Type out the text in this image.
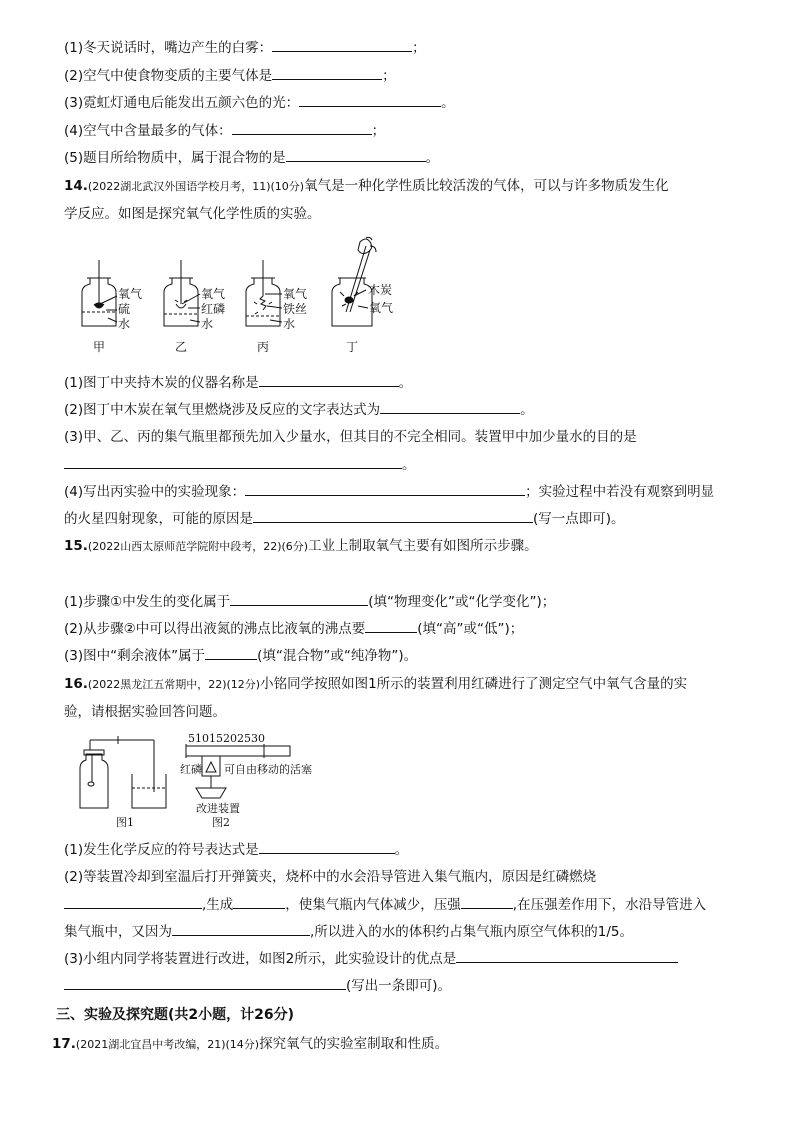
(1)冬天说话时，嘴边产生的白雾：	；
(2)空气中使食物变质的主要气体是	；
(3)霓虹灯通电后能发出五颜六色的光：	。
(4)空气中含量最多的气体：	；
(5)题目所给物质中，属于混合物的是	。
14.(2022湖北武汉外国语学校月考，11)(10分)氧气是一种化学性质比较活泼的气体，可以与许多物质发生化
学反应。如图是探究氧气化学性质的实验。
氧气
硫
水
氧气
红磷
水
氧气
铁丝
水
木炭
氧气
甲	乙	丙	丁
(1)图丁中夹持木炭的仪器名称是	。
(2)图丁中木炭在氧气里燃烧涉及反应的文字表达式为	。
(3)甲、乙、丙的集气瓶里都预先加入少量水，但其目的不完全相同。装置甲中加少量水的目的是
。
(4)写出丙实验中的实验现象：	；实验过程中若没有观察到明显
的火星四射现象，可能的原因是	(写一点即可)。
15.(2022山西太原师范学院附中段考，22)(6分)工业上制取氧气主要有如图所示步骤。
(1)步骤①中发生的变化属于	(填“物理变化”或“化学变化”)；
(2)从步骤②中可以得出液氮的沸点比液氧的沸点要	(填“高”或“低”)；
(3)图中“剩余液体”属于	(填“混合物”或“纯净物”)。
16.(2022黑龙江五常期中，22)(12分)小铭同学按照如图1所示的装置利用红磷进行了测定空气中氧气含量的实
验，请根据实验回答问题。
51015202530
红磷 可自由移动的活塞
改进装置
图1	图2
(1)发生化学反应的符号表达式是	。
(2)等装置冷却到室温后打开弹簧夹，烧杯中的水会沿导管进入集气瓶内，原因是红磷燃烧
,生成	，使集气瓶内气体减少，压强	,在压强差作用下，水沿导管进入
集气瓶中，又因为	,所以进入的水的体积约占集气瓶内原空气体积的1/5。
(3)小组内同学将装置进行改进，如图2所示，此实验设计的优点是
(写出一条即可)。
三、实验及探究题(共2小题，计26分)
17.(2021湖北宜昌中考改编，21)(14分)探究氧气的实验室制取和性质。
